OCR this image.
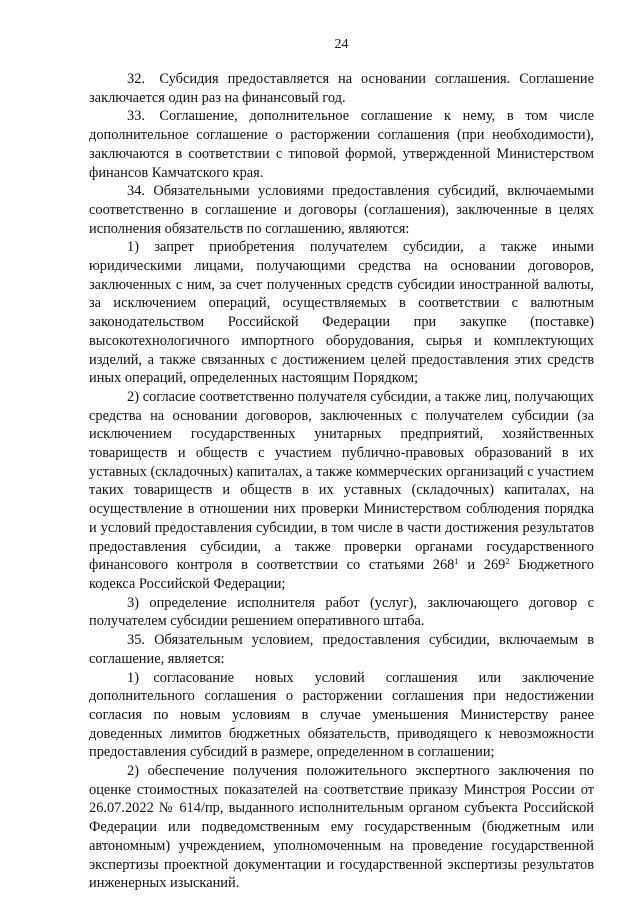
24

32. Субсидия предоставляется на основании соглашения. Соглашение заключается один раз на финансовый год.

33. Соглашение, дополнительное соглашение к нему, в том числе дополнительное соглашение о расторжении соглашения (при необходимости), заключаются в соответствии с типовой формой, утвержденной Министерством финансов Камчатского края.

34. Обязательными условиями предоставления субсидий, включаемыми соответственно в соглашение и договоры (соглашения), заключенные в целях исполнения обязательств по соглашению, являются:

1) запрет приобретения получателем субсидии, а также иными юридическими лицами, получающими средства на основании договоров, заключенных с ним, за счет полученных средств субсидии иностранной валюты, за исключением операций, осуществляемых в соответствии с валютным законодательством Российской Федерации при закупке (поставке) высокотехнологичного импортного оборудования, сырья и комплектующих изделий, а также связанных с достижением целей предоставления этих средств иных операций, определенных настоящим Порядком;

2) согласие соответственно получателя субсидии, а также лиц, получающих средства на основании договоров, заключенных с получателем субсидии (за исключением государственных унитарных предприятий, хозяйственных товариществ и обществ с участием публично-правовых образований в их уставных (складочных) капиталах, а также коммерческих организаций с участием таких товариществ и обществ в их уставных (складочных) капиталах, на осуществление в отношении них проверки Министерством соблюдения порядка и условий предоставления субсидии, в том числе в части достижения результатов предоставления субсидии, а также проверки органами государственного финансового контроля в соответствии со статьями $268^1$ и $269^2$ Бюджетного кодекса Российской Федерации;

3) определение исполнителя работ (услуг), заключающего договор с получателем субсидии решением оперативного штаба.

35. Обязательным условием, предоставления субсидии, включаемым в соглашение, является:

1) согласование новых условий соглашения или заключение дополнительного соглашения о расторжении соглашения при недостижении согласия по новым условиям в случае уменьшения Министерству ранее доведенных лимитов бюджетных обязательств, приводящего к невозможности предоставления субсидий в размере, определенном в соглашении;

2) обеспечение получения положительного экспертного заключения по оценке стоимостных показателей на соответствие приказу Минстроя России от 26.07.2022 № 614/пр, выданного исполнительным органом субъекта Российской Федерации или подведомственным ему государственным (бюджетным или автономным) учреждением, уполномоченным на проведение государственной экспертизы проектной документации и государственной экспертизы результатов инженерных изысканий.
